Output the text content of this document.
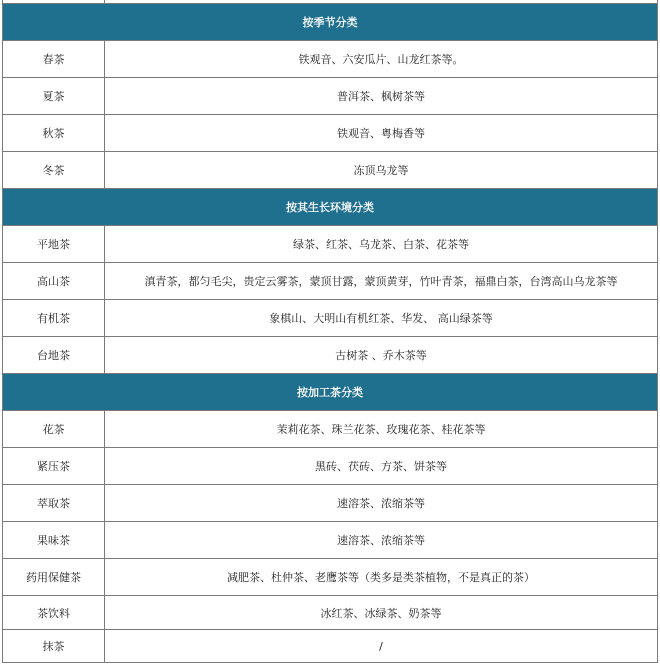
按季节分类
春茶	铁观音、六安瓜片、山龙红茶等。
夏茶	普洱茶、枫树茶等
秋茶	铁观音、粤梅香等
冬茶	冻顶乌龙等
按其生长环境分类
平地茶	绿茶、红茶、乌龙茶、白茶、花茶等
高山茶	滇青茶，都匀毛尖，贵定云雾茶，蒙顶甘露，蒙顶黄芽，竹叶青茶，福鼎白茶，台湾高山乌龙茶等
有机茶	象棋山、大明山有机红茶、华发、 高山绿茶等
台地茶	古树茶 、乔木茶等
按加工茶分类
花茶	茉莉花茶、珠兰花茶、玫瑰花茶、桂花茶等
紧压茶	黑砖、茯砖、方茶、饼茶等
萃取茶	速溶茶、浓缩茶等
果味茶	速溶茶、浓缩茶等
药用保健茶	减肥茶、杜仲茶、老鹰茶等（类多是类茶植物，不是真正的茶）
茶饮料	冰红茶、冰绿茶、奶茶等
抹茶	/
